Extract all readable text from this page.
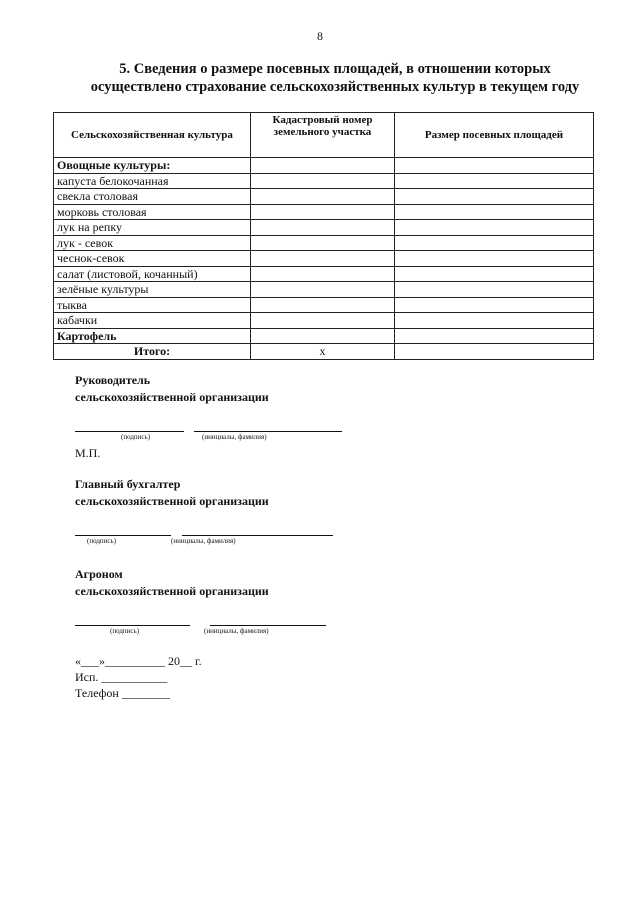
8
5. Сведения о размере посевных площадей, в отношении которых
осуществлено страхование сельскохозяйственных культур в текущем году
Сельскохозяйственная культура	Кадастровый номер земельного участка	Размер посевных площадей
Овощные культуры:		
капуста белокочанная		
свекла столовая		
морковь столовая		
лук на репку		
лук - севок		
чеснок-севок		
салат (листовой, кочанный)		
зелёные культуры		
тыква		
кабачки		
Картофель		
Итого:	х	
Руководитель
сельскохозяйственной организации
(подпись)	(инициалы, фамилия)
М.П.
Главный бухгалтер
сельскохозяйственной организации
(подпись)	(инициалы, фамилия)
Агроном
сельскохозяйственной организации
(подпись)	(инициалы, фамилия)
«___»__________ 20__ г.
Исп. ___________
Телефон ________
